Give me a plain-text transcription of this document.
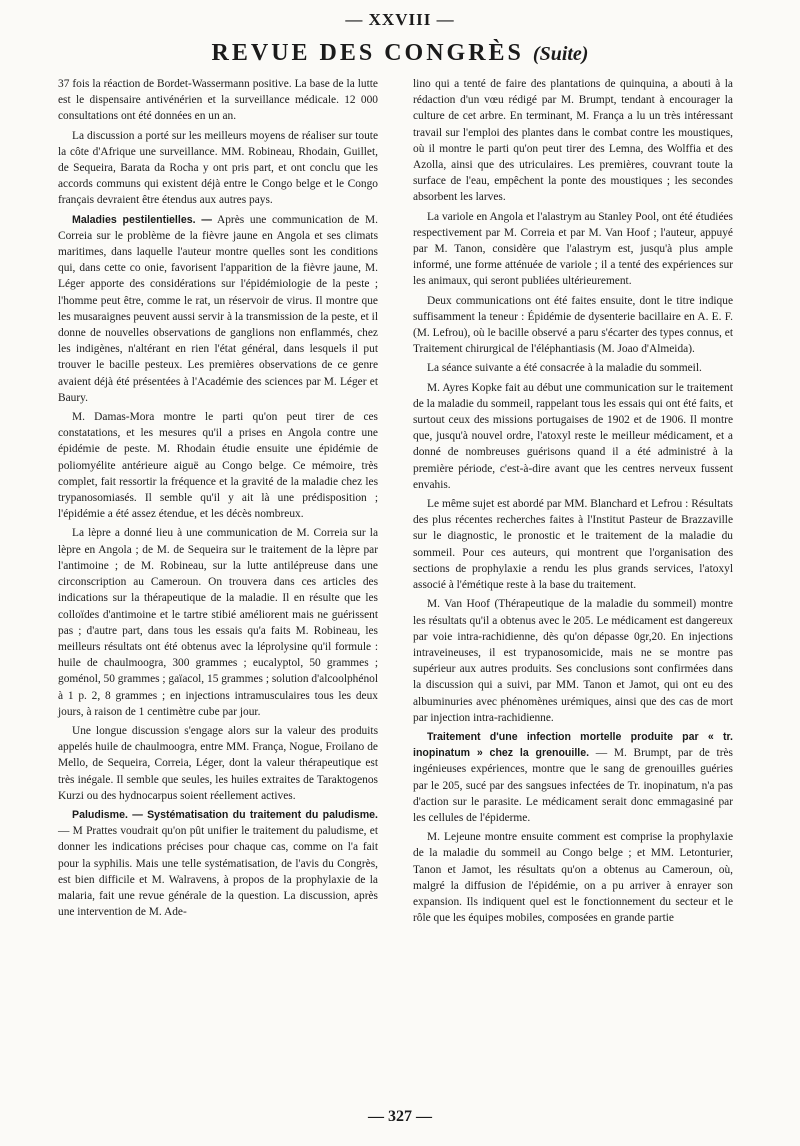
— XXVIII —
REVUE DES CONGRÈS (Suite)

37 fois la réaction de Bordet-Wassermann positive. La base de la lutte est le dispensaire antivénérien et la surveillance médicale. 12 000 consultations ont été données en un an.

La discussion a porté sur les meilleurs moyens de réaliser sur toute la côte d'Afrique une surveillance. MM. Robineau, Rhodain, Guillet, de Sequeira, Barata da Rocha y ont pris part, et ont conclu que les accords communs qui existent déjà entre le Congo belge et le Congo français devraient être étendus aux autres pays.

Maladies pestilentielles. — Après une communication de M. Correia sur le problème de la fièvre jaune en Angola et ses climats maritimes, dans laquelle l'auteur montre quelles sont les conditions qui, dans cette co onie, favorisent l'apparition de la fièvre jaune, M. Léger apporte des considérations sur l'épidémiologie de la peste ; l'homme peut être, comme le rat, un réservoir de virus. Il montre que les musaraignes peuvent aussi servir à la transmission de la peste, et il donne de nouvelles observations de ganglions non enflammés, chez les indigènes, n'altérant en rien l'état général, dans lesquels il put trouver le bacille pesteux. Les premières observations de ce genre avaient déjà été présentées à l'Académie des sciences par M. Léger et Baury.

M. Damas-Mora montre le parti qu'on peut tirer de ces constatations, et les mesures qu'il a prises en Angola contre une épidémie de peste. M. Rhodain étudie ensuite une épidémie de poliomyélite antérieure aiguë au Congo belge. Ce mémoire, très complet, fait ressortir la fréquence et la gravité de la maladie chez les trypanosomiasés. Il semble qu'il y ait là une prédisposition ; l'épidémie a été assez étendue, et les décès nombreux.

La lèpre a donné lieu à une communication de M. Correia sur la lèpre en Angola ; de M. de Sequeira sur le traitement de la lèpre par l'antimoine ; de M. Robineau, sur la lutte antilépreuse dans une circonscription au Cameroun. On trouvera dans ces articles des indications sur la thérapeutique de la maladie. Il en résulte que les colloïdes d'antimoine et le tartre stibié améliorent mais ne guérissent pas ; d'autre part, dans tous les essais qu'a faits M. Robineau, les meilleurs résultats ont été obtenus avec la léprolysine qu'il formule : huile de chaulmoogra, 300 grammes ; eucalyptol, 50 grammes ; goménol, 50 grammes ; gaïacol, 15 grammes ; solution d'alcoolphénol à 1 p. 2, 8 grammes ; en injections intramusculaires tous les deux jours, à raison de 1 centimètre cube par jour.

Une longue discussion s'engage alors sur la valeur des produits appelés huile de chaulmoogra, entre MM. França, Nogue, Froilano de Mello, de Sequeira, Correia, Léger, dont la valeur thérapeutique est très inégale. Il semble que seules, les huiles extraites de Taraktogenos Kurzi ou des hydnocarpus soient réellement actives.

Paludisme. — Systématisation du traitement du paludisme. — M Prattes voudrait qu'on pût unifier le traitement du paludisme, et donner les indications précises pour chaque cas, comme on l'a fait pour la syphilis. Mais une telle systématisation, de l'avis du Congrès, est bien difficile et M. Walravens, à propos de la prophylaxie de la malaria, fait une revue générale de la question. La discussion, après une intervention de M. Ade-

lino qui a tenté de faire des plantations de quinquina, a abouti à la rédaction d'un vœu rédigé par M. Brumpt, tendant à encourager la culture de cet arbre. En terminant, M. França a lu un très intéressant travail sur l'emploi des plantes dans le combat contre les moustiques, où il montre le parti qu'on peut tirer des Lemna, des Wolffia et des Azolla, ainsi que des utriculaires. Les premières, couvrant toute la surface de l'eau, empêchent la ponte des moustiques ; les secondes absorbent les larves.

La variole en Angola et l'alastrym au Stanley Pool, ont été étudiées respectivement par M. Correia et par M. Van Hoof ; l'auteur, appuyé par M. Tanon, considère que l'alastrym est, jusqu'à plus ample informé, une forme atténuée de variole ; il a tenté des expériences sur les animaux, qui seront publiées ultérieurement.

Deux communications ont été faites ensuite, dont le titre indique suffisamment la teneur : Épidémie de dysenterie bacillaire en A. E. F. (M. Lefrou), où le bacille observé a paru s'écarter des types connus, et Traitement chirurgical de l'éléphantiasis (M. Joao d'Almeida).

La séance suivante a été consacrée à la maladie du sommeil.

M. Ayres Kopke fait au début une communication sur le traitement de la maladie du sommeil, rappelant tous les essais qui ont été faits, et surtout ceux des missions portugaises de 1902 et de 1906. Il montre que, jusqu'à nouvel ordre, l'atoxyl reste le meilleur médicament, et a donné de nombreuses guérisons quand il a été administré à la première période, c'est-à-dire avant que les centres nerveux fussent envahis.

Le même sujet est abordé par MM. Blanchard et Lefrou : Résultats des plus récentes recherches faites à l'Institut Pasteur de Brazzaville sur le diagnostic, le pronostic et le traitement de la maladie du sommeil. Pour ces auteurs, qui montrent que l'organisation des sections de prophylaxie a rendu les plus grands services, l'atoxyl associé à l'émétique reste à la base du traitement.

M. Van Hoof (Thérapeutique de la maladie du sommeil) montre les résultats qu'il a obtenus avec le 205. Le médicament est dangereux par voie intra-rachidienne, dès qu'on dépasse 0gr,20. En injections intraveineuses, il est trypanosomicide, mais ne se montre pas supérieur aux autres produits. Ses conclusions sont confirmées dans la discussion qui a suivi, par MM. Tanon et Jamot, qui ont eu des albuminuries avec phénomènes urémiques, ainsi que des cas de mort par injection intra-rachidienne.

Traitement d'une infection mortelle produite par « tr. inopinatum » chez la grenouille. — M. Brumpt, par de très ingénieuses expériences, montre que le sang de grenouilles guéries par le 205, sucé par des sangsues infectées de Tr. inopinatum, n'a pas d'action sur le parasite. Le médicament serait donc emmagasiné par les cellules de l'épiderme.

M. Lejeune montre ensuite comment est comprise la prophylaxie de la maladie du sommeil au Congo belge ; et MM. Letonturier, Tanon et Jamot, les résultats qu'on a obtenus au Cameroun, où, malgré la diffusion de l'épidémie, on a pu arriver à enrayer son expansion. Ils indiquent quel est le fonctionnement du secteur et le rôle que les équipes mobiles, composées en grande partie

— 327 —
